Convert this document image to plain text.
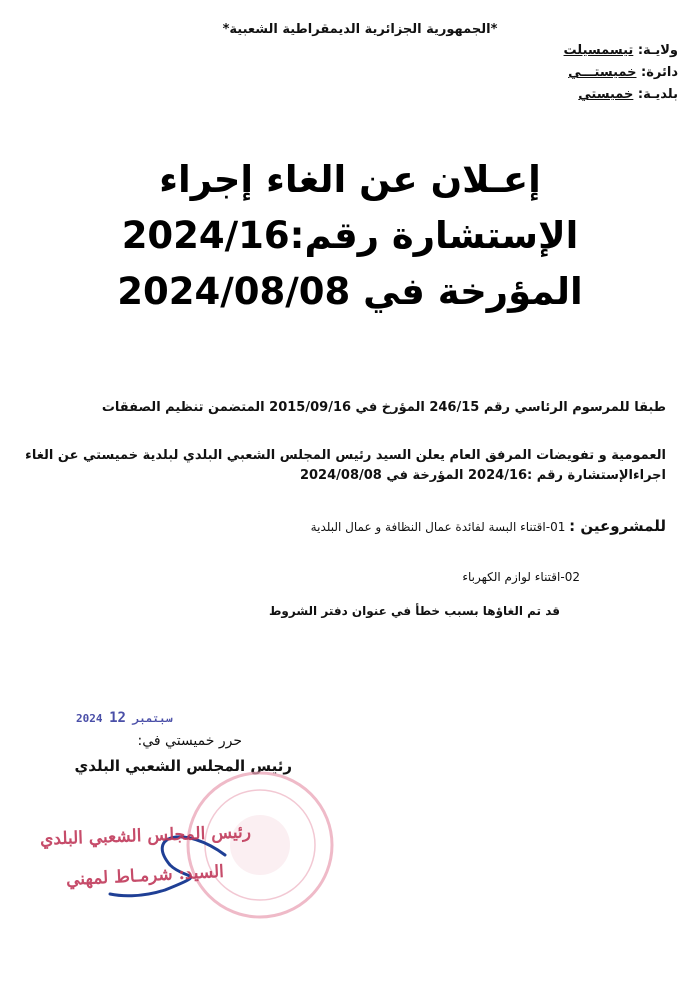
*الجمهورية الجزائرية الديمقراطية الشعبية*
ولايـة: تيسمسيلت
دائرة: خميستـــي
بلديـة: خميستي
إعـلان عن الغاء إجراء
الإستشارة رقم:2024/16
المؤرخة في 2024/08/08
طبقا للمرسوم الرئاسي رقم 246/15 المؤرخ في 2015/09/16 المتضمن تنظيم الصفقات
العمومية و تفويضات المرفق العام يعلن السيد رئيس المجلس الشعبي البلدي لبلدية خميستي عن الغاء
اجراءالإستشارة رقم :2024/16 المؤرخة في 2024/08/08
للمشروعين : 01-اقتناء البسة لفائدة عمال النظافة و عمال البلدية
02-اقتناء لوازم الكهرباء
قد تم الغاؤها بسبب خطأ في عنوان دفتر الشروط
2024	سبتمبر 12
حرر خميستي في:
رئيس المجلس الشعبي البلدي
رئيس المجلس الشعبي البلدي
السيد: شرمـاط لمهني
